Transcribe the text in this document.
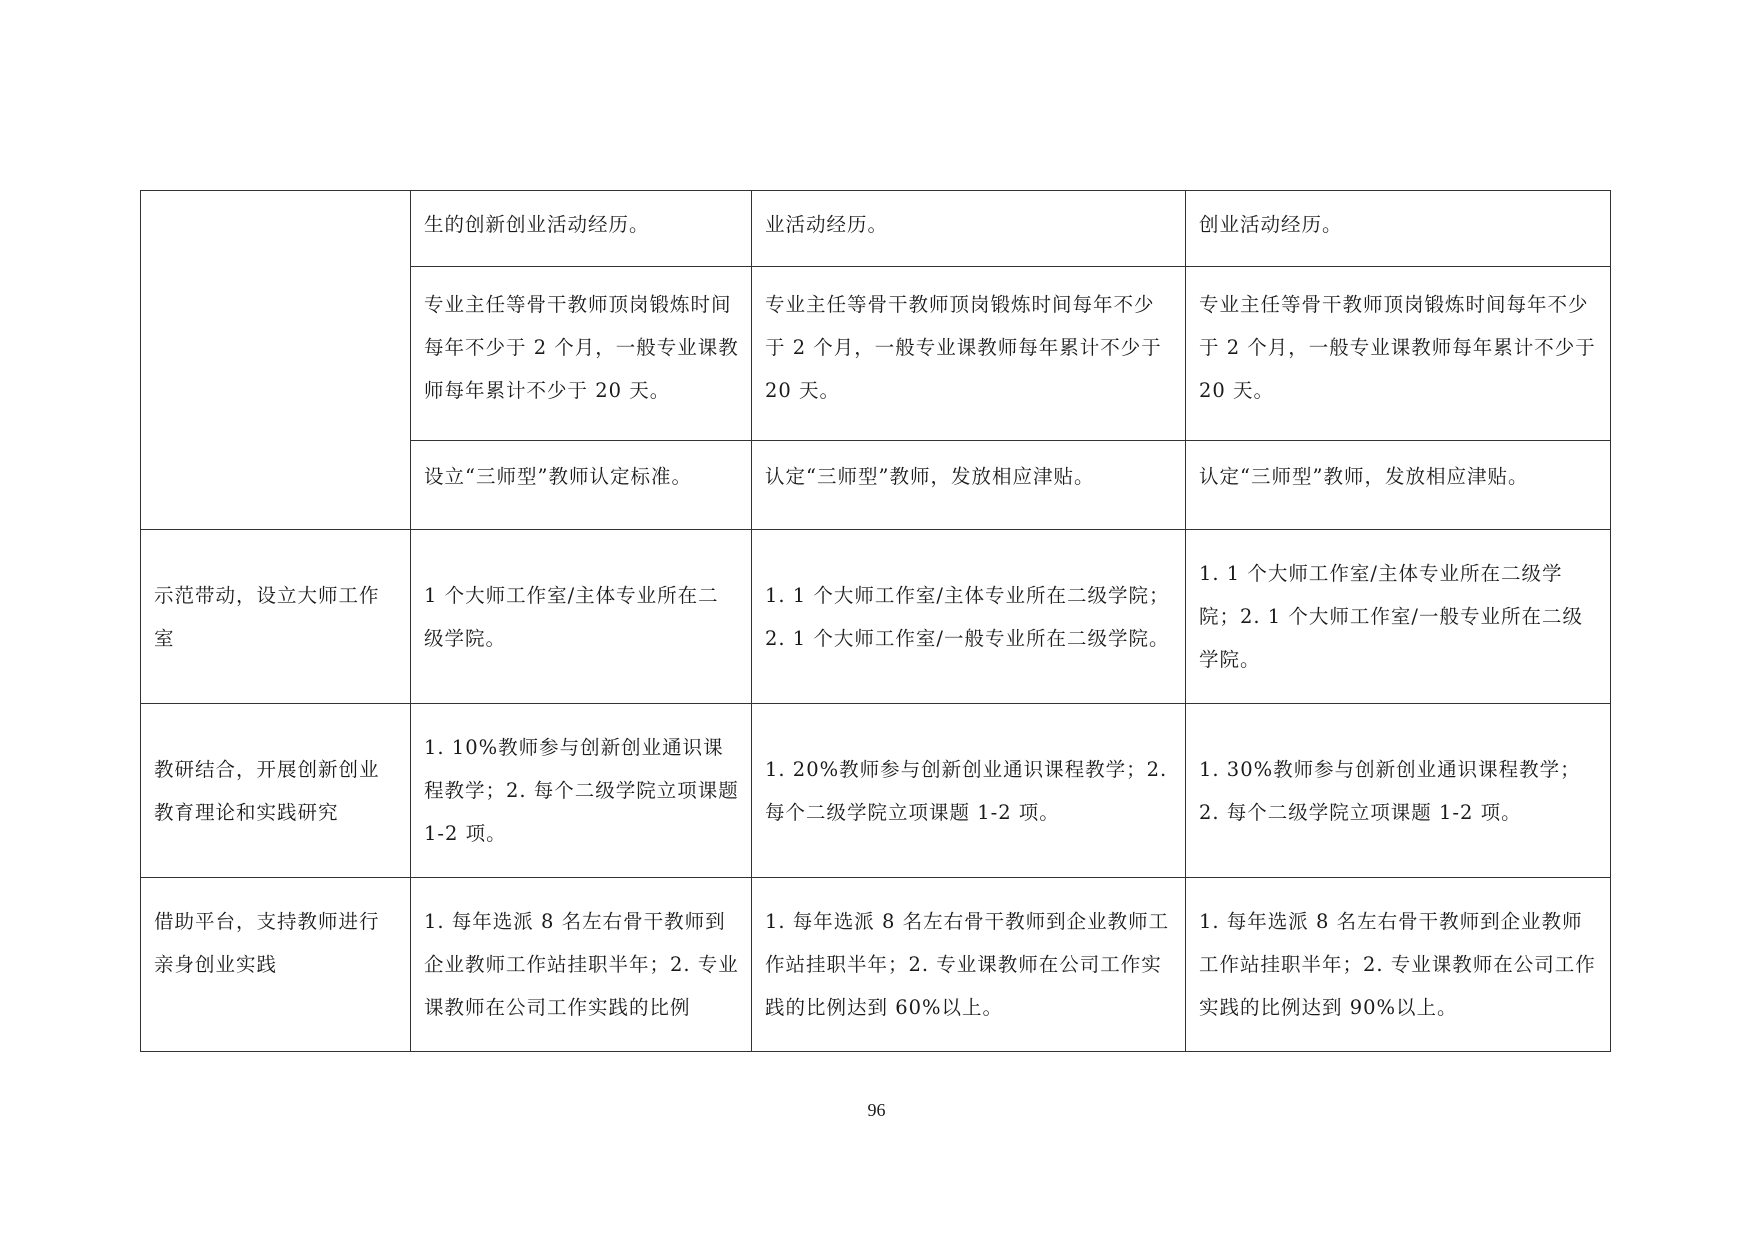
	生的创新创业活动经历。	业活动经历。	创业活动经历。
	专业主任等骨干教师顶岗锻炼时间每年不少于 2 个月，一般专业课教师每年累计不少于 20 天。	专业主任等骨干教师顶岗锻炼时间每年不少于 2 个月，一般专业课教师每年累计不少于 20 天。	专业主任等骨干教师顶岗锻炼时间每年不少于 2 个月，一般专业课教师每年累计不少于 20 天。
	设立“三师型”教师认定标准。	认定“三师型”教师，发放相应津贴。	认定“三师型”教师，发放相应津贴。
示范带动，设立大师工作室	1 个大师工作室/主体专业所在二级学院。	1. 1 个大师工作室/主体专业所在二级学院；2. 1 个大师工作室/一般专业所在二级学院。	1. 1 个大师工作室/主体专业所在二级学院；2. 1 个大师工作室/一般专业所在二级学院。
教研结合，开展创新创业教育理论和实践研究	1. 10%教师参与创新创业通识课程教学；2. 每个二级学院立项课题 1-2 项。	1. 20%教师参与创新创业通识课程教学；2. 每个二级学院立项课题 1-2 项。	1. 30%教师参与创新创业通识课程教学；2. 每个二级学院立项课题 1-2 项。
借助平台，支持教师进行亲身创业实践	1. 每年选派 8 名左右骨干教师到企业教师工作站挂职半年；2. 专业课教师在公司工作实践的比例	1. 每年选派 8 名左右骨干教师到企业教师工作站挂职半年；2. 专业课教师在公司工作实践的比例达到 60%以上。	1. 每年选派 8 名左右骨干教师到企业教师工作站挂职半年；2. 专业课教师在公司工作实践的比例达到 90%以上。
96
